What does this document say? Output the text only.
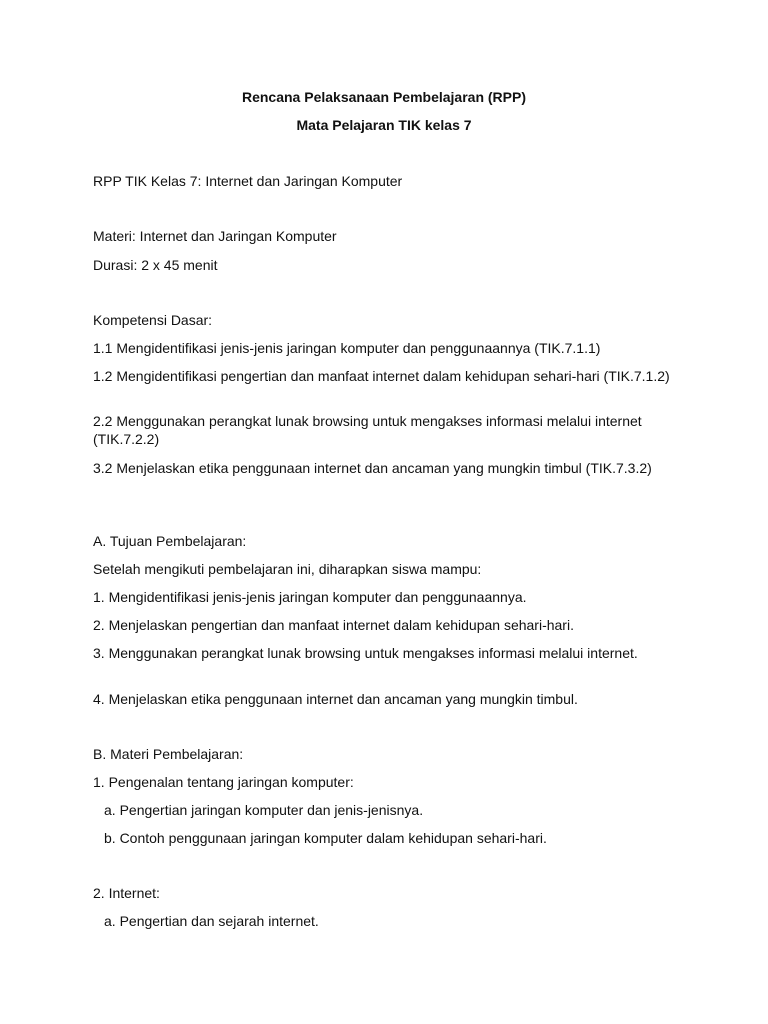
Rencana Pelaksanaan Pembelajaran (RPP)
Mata Pelajaran TIK kelas 7
RPP TIK Kelas 7: Internet dan Jaringan Komputer
Materi: Internet dan Jaringan Komputer
Durasi: 2 x 45 menit
Kompetensi Dasar:
1.1 Mengidentifikasi jenis-jenis jaringan komputer dan penggunaannya (TIK.7.1.1)
1.2 Mengidentifikasi pengertian dan manfaat internet dalam kehidupan sehari-hari (TIK.7.1.2)
2.2 Menggunakan perangkat lunak browsing untuk mengakses informasi melalui internet (TIK.7.2.2)
3.2 Menjelaskan etika penggunaan internet dan ancaman yang mungkin timbul (TIK.7.3.2)
A. Tujuan Pembelajaran:
Setelah mengikuti pembelajaran ini, diharapkan siswa mampu:
1. Mengidentifikasi jenis-jenis jaringan komputer dan penggunaannya.
2. Menjelaskan pengertian dan manfaat internet dalam kehidupan sehari-hari.
3. Menggunakan perangkat lunak browsing untuk mengakses informasi melalui internet.
4. Menjelaskan etika penggunaan internet dan ancaman yang mungkin timbul.
B. Materi Pembelajaran:
1. Pengenalan tentang jaringan komputer:
a. Pengertian jaringan komputer dan jenis-jenisnya.
b. Contoh penggunaan jaringan komputer dalam kehidupan sehari-hari.
2. Internet:
a. Pengertian dan sejarah internet.
